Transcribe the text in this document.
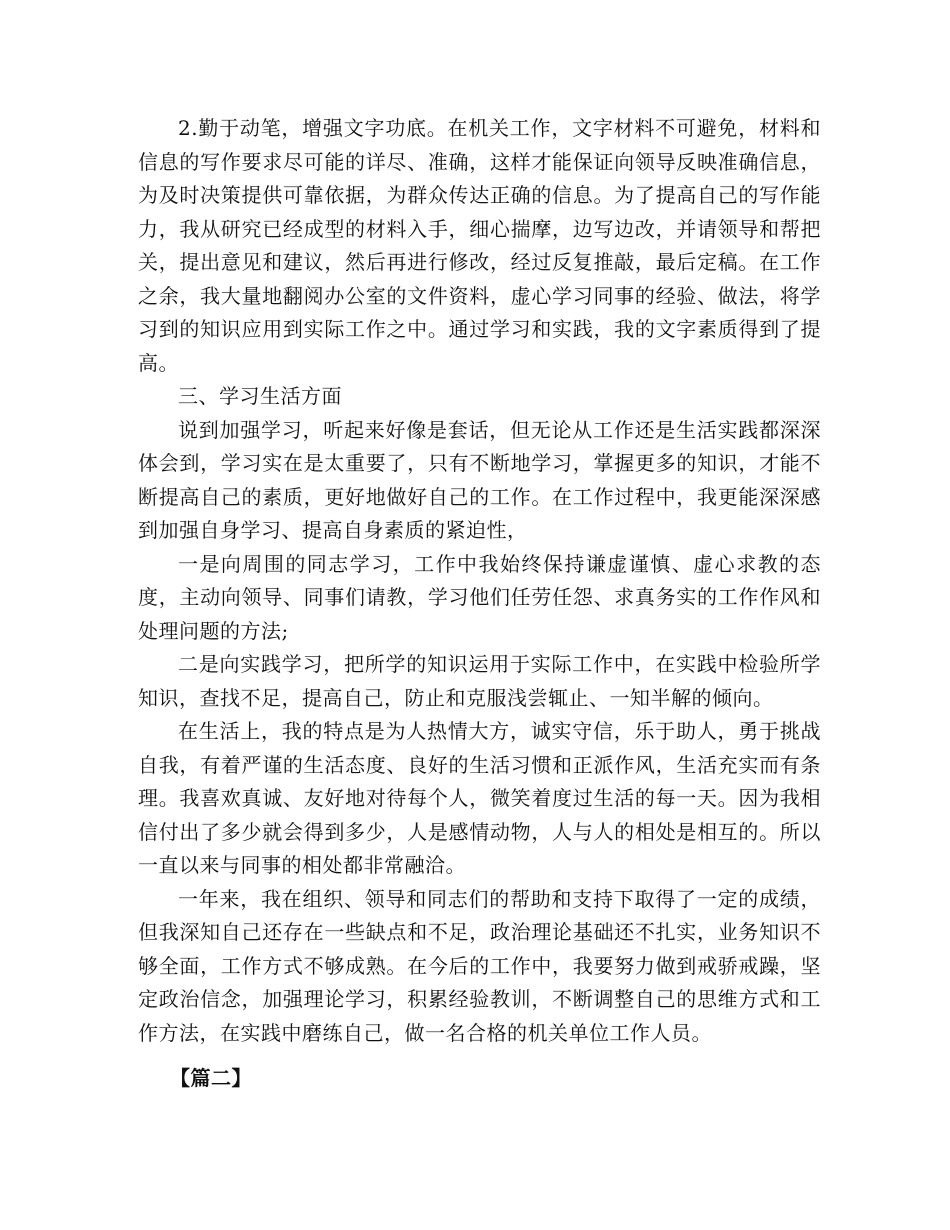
2.勤于动笔，增强文字功底。在机关工作，文字材料不可避免，材料和信息的写作要求尽可能的详尽、准确，这样才能保证向领导反映准确信息，为及时决策提供可靠依据，为群众传达正确的信息。为了提高自己的写作能力，我从研究已经成型的材料入手，细心揣摩，边写边改，并请领导和帮把关，提出意见和建议，然后再进行修改，经过反复推敲，最后定稿。在工作之余，我大量地翻阅办公室的文件资料，虚心学习同事的经验、做法，将学习到的知识应用到实际工作之中。通过学习和实践，我的文字素质得到了提高。

三、学习生活方面

说到加强学习，听起来好像是套话，但无论从工作还是生活实践都深深体会到，学习实在是太重要了，只有不断地学习，掌握更多的知识，才能不断提高自己的素质，更好地做好自己的工作。在工作过程中，我更能深深感到加强自身学习、提高自身素质的紧迫性，

一是向周围的同志学习，工作中我始终保持谦虚谨慎、虚心求教的态度，主动向领导、同事们请教，学习他们任劳任怨、求真务实的工作作风和处理问题的方法;

二是向实践学习，把所学的知识运用于实际工作中，在实践中检验所学知识，查找不足，提高自己，防止和克服浅尝辄止、一知半解的倾向。

在生活上，我的特点是为人热情大方，诚实守信，乐于助人，勇于挑战自我，有着严谨的生活态度、良好的生活习惯和正派作风，生活充实而有条理。我喜欢真诚、友好地对待每个人，微笑着度过生活的每一天。因为我相信付出了多少就会得到多少，人是感情动物，人与人的相处是相互的。所以一直以来与同事的相处都非常融洽。

一年来，我在组织、领导和同志们的帮助和支持下取得了一定的成绩，但我深知自己还存在一些缺点和不足，政治理论基础还不扎实，业务知识不够全面，工作方式不够成熟。在今后的工作中，我要努力做到戒骄戒躁，坚定政治信念，加强理论学习，积累经验教训，不断调整自己的思维方式和工作方法，在实践中磨练自己，做一名合格的机关单位工作人员。

【篇二】
